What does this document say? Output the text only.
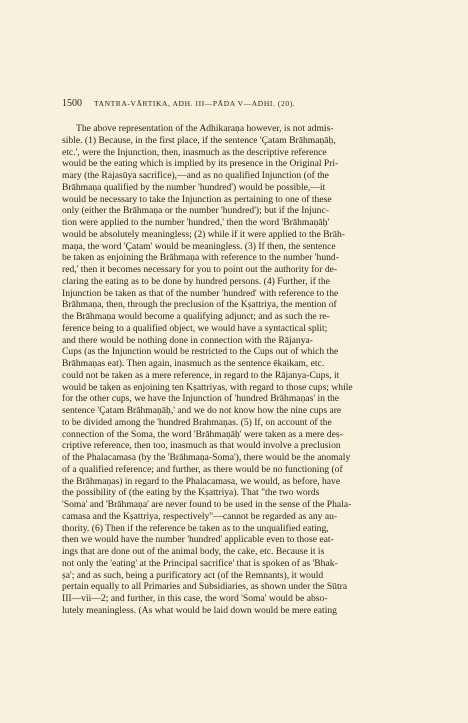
1500 TANTRA-VĀRTIKA, ADH. III—PĀDA V—ADHI. (20).
The above representation of the Adhikaraṇa however, is not admis-
sible. (1) Because, in the first place, if the sentence 'Çatam Brāhmaṇāḥ,
etc.', were the Injunction, then, inasmuch as the descriptive reference
would be the eating which is implied by its presence in the Original Pri-
mary (the Rajasūya sacrifice),—and as no qualified Injunction (of the
Brāhmaṇa qualified by the number 'hundred') would be possible,—it
would be necessary to take the Injunction as pertaining to one of these
only (either the Brāhmaṇa or the number 'hundred'); but if the Injunc-
tion were applied to the number 'hundred,' then the word 'Brāhmaṇāḥ'
would be absolutely meaningless; (2) while if it were applied to the Brāh-
maṇa, the word 'Çatam' would be meaningless. (3) If then, the sentence
be taken as enjoining the Brāhmaṇa with reference to the number 'hund-
red,' then it becomes necessary for you to point out the authority for de-
claring the eating as to be done by hundred persons. (4) Further, if the
Injunction be taken as that of the number 'hundred' with reference to the
Brāhmaṇa, then, through the preclusion of the Kṣattriya, the mention of
the Brāhmaṇa would become a qualifying adjunct; and as such the re-
ference being to a qualified object, we would have a syntactical split;
and there would be nothing done in connection with the Rājanya-
Cups (as the Injunction would be restricted to the Cups out of which the
Brāhmaṇas eat). Then again, inasmuch as the sentence ēkaikam, etc.
could not be taken as a mere reference, in regard to the Rājanya-Cups, it
would be taken as enjoining ten Kṣattriyas, with regard to those cups; while
for the other cups, we have the Injunction of 'hundred Brāhmaṇas' in the
sentence 'Çatam Brāhmaṇāḥ,' and we do not know how the nine cups are
to be divided among the 'hundred Brahmaṇas. (5) If, on account of the
connection of the Soma, the word 'Brāhmaṇāḥ' were taken as a mere des-
criptive reference, then too, inasmuch as that would involve a preclusion
of the Phalacamasa (by the 'Brāhmaṇa-Soma'), there would be the anomaly
of a qualified reference; and further, as there would be no functioning (of
the Brāhmaṇas) in regard to the Phalacamasa, we would, as before, have
the possibility of (the eating by the Kṣattriya). That "the two words
'Soma' and 'Brāhmaṇa' are never found to be used in the sense of the Phala-
camasa and the Kṣattriya, respectively"—cannot be regarded as any au-
thority. (6) Then if the reference be taken as to the unqualified eating,
then we would have the number 'hundred' applicable even to those eat-
ings that are done out of the animal body, the cake, etc. Because it is
not only the 'eating' at the Principal sacrifice' that is spoken of as 'Bhak-
ṣa'; and as such, being a purificatory act (of the Remnants), it would
pertain equally to all Primaries and Subsidiaries, as shown under the Sūtra
III—vii—2; and further, in this case, the word 'Soma' would be abso-
lutely meaningless. (As what would be laid down would be mere eating
